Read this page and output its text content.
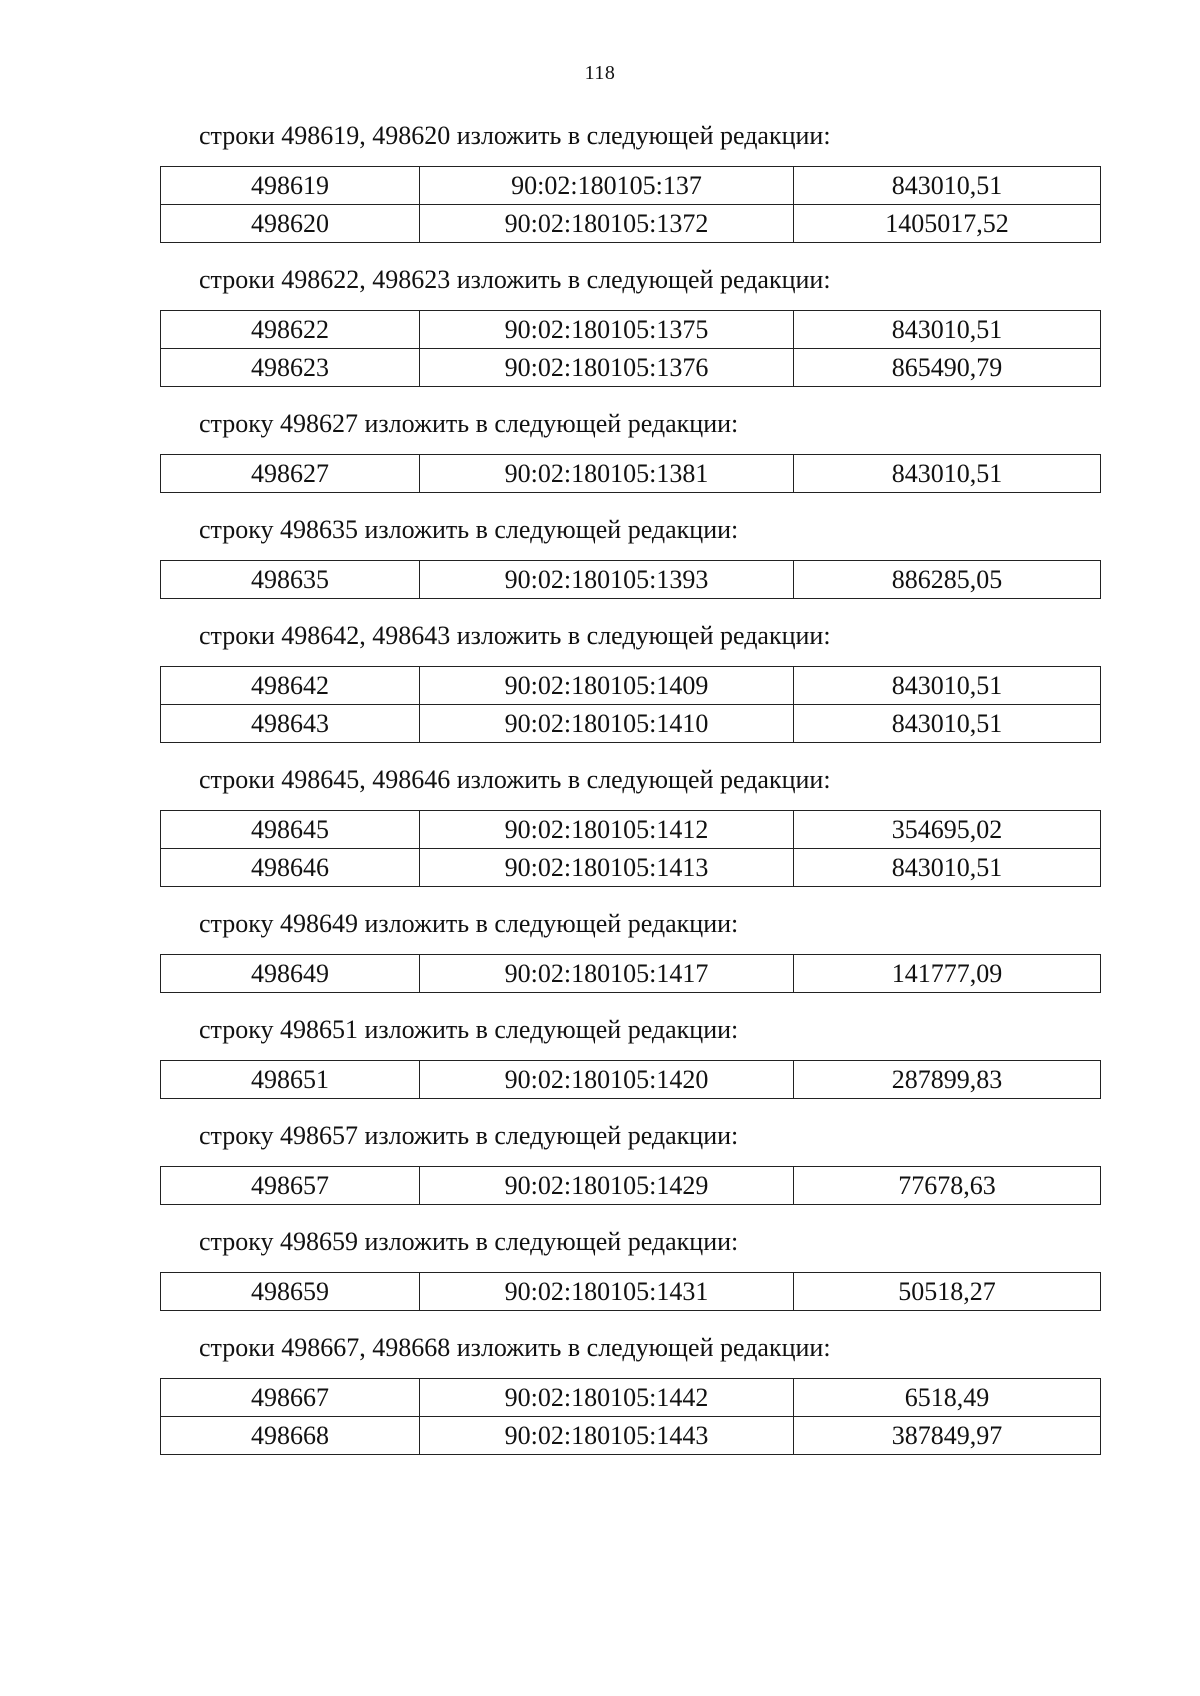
118
строки 498619, 498620 изложить в следующей редакции:
498619	90:02:180105:137	843010,51
498620	90:02:180105:1372	1405017,52
строки 498622, 498623 изложить в следующей редакции:
498622	90:02:180105:1375	843010,51
498623	90:02:180105:1376	865490,79
строку 498627 изложить в следующей редакции:
498627	90:02:180105:1381	843010,51
строку 498635 изложить в следующей редакции:
498635	90:02:180105:1393	886285,05
строки 498642, 498643 изложить в следующей редакции:
498642	90:02:180105:1409	843010,51
498643	90:02:180105:1410	843010,51
строки 498645, 498646 изложить в следующей редакции:
498645	90:02:180105:1412	354695,02
498646	90:02:180105:1413	843010,51
строку 498649 изложить в следующей редакции:
498649	90:02:180105:1417	141777,09
строку 498651 изложить в следующей редакции:
498651	90:02:180105:1420	287899,83
строку 498657 изложить в следующей редакции:
498657	90:02:180105:1429	77678,63
строку 498659 изложить в следующей редакции:
498659	90:02:180105:1431	50518,27
строки 498667, 498668 изложить в следующей редакции:
498667	90:02:180105:1442	6518,49
498668	90:02:180105:1443	387849,97
